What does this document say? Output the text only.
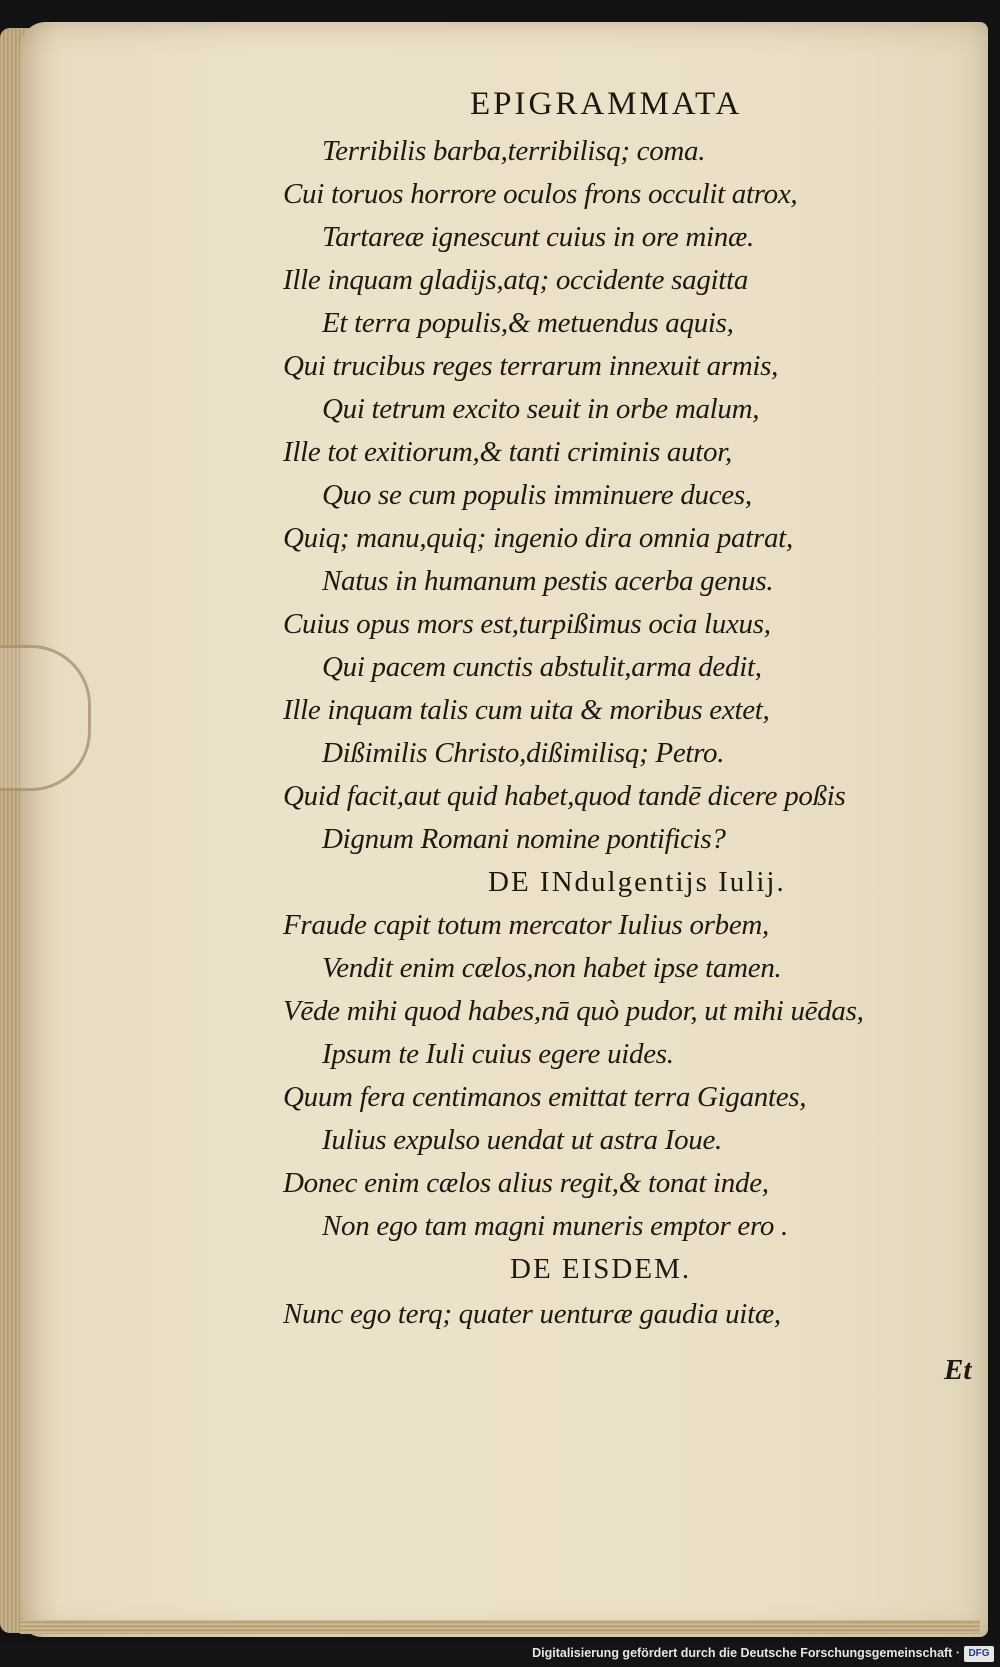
EPIGRAMMATA
Terribilis barba,terribilisq; coma.
Cui toruos horrore oculos frons occulit atrox,
Tartareæ ignescunt cuius in ore minæ.
Ille inquam gladijs,atq; occidente sagitta
Et terra populis,& metuendus aquis,
Qui trucibus reges terrarum innexuit armis,
Qui tetrum excito seuit in orbe malum,
Ille tot exitiorum,& tanti criminis autor,
Quo se cum populis imminuere duces,
Quiq; manu,quiq; ingenio dira omnia patrat,
Natus in humanum pestis acerba genus.
Cuius opus mors est,turpißimus ocia luxus,
Qui pacem cunctis abstulit,arma dedit,
Ille inquam talis cum uita & moribus extet,
Dißimilis Christo,dißimilisq; Petro.
Quid facit,aut quid habet,quod tandē dicere poßis
Dignum Romani nomine pontificis?
DE INdulgentijs Iulij.
Fraude capit totum mercator Iulius orbem,
Vendit enim cælos,non habet ipse tamen.
Vēde mihi quod habes,nā quò pudor, ut mihi uēdas,
Ipsum te Iuli cuius egere uides.
Quum fera centimanos emittat terra Gigantes,
Iulius expulso uendat ut astra Ioue.
Donec enim cælos alius regit,& tonat inde,
Non ego tam magni muneris emptor ero .
DE EISDEM.
Nunc ego terq; quater uenturæ gaudia uitæ,
Et
Digitalisierung gefördert durch die Deutsche Forschungsgemeinschaft · DFG
